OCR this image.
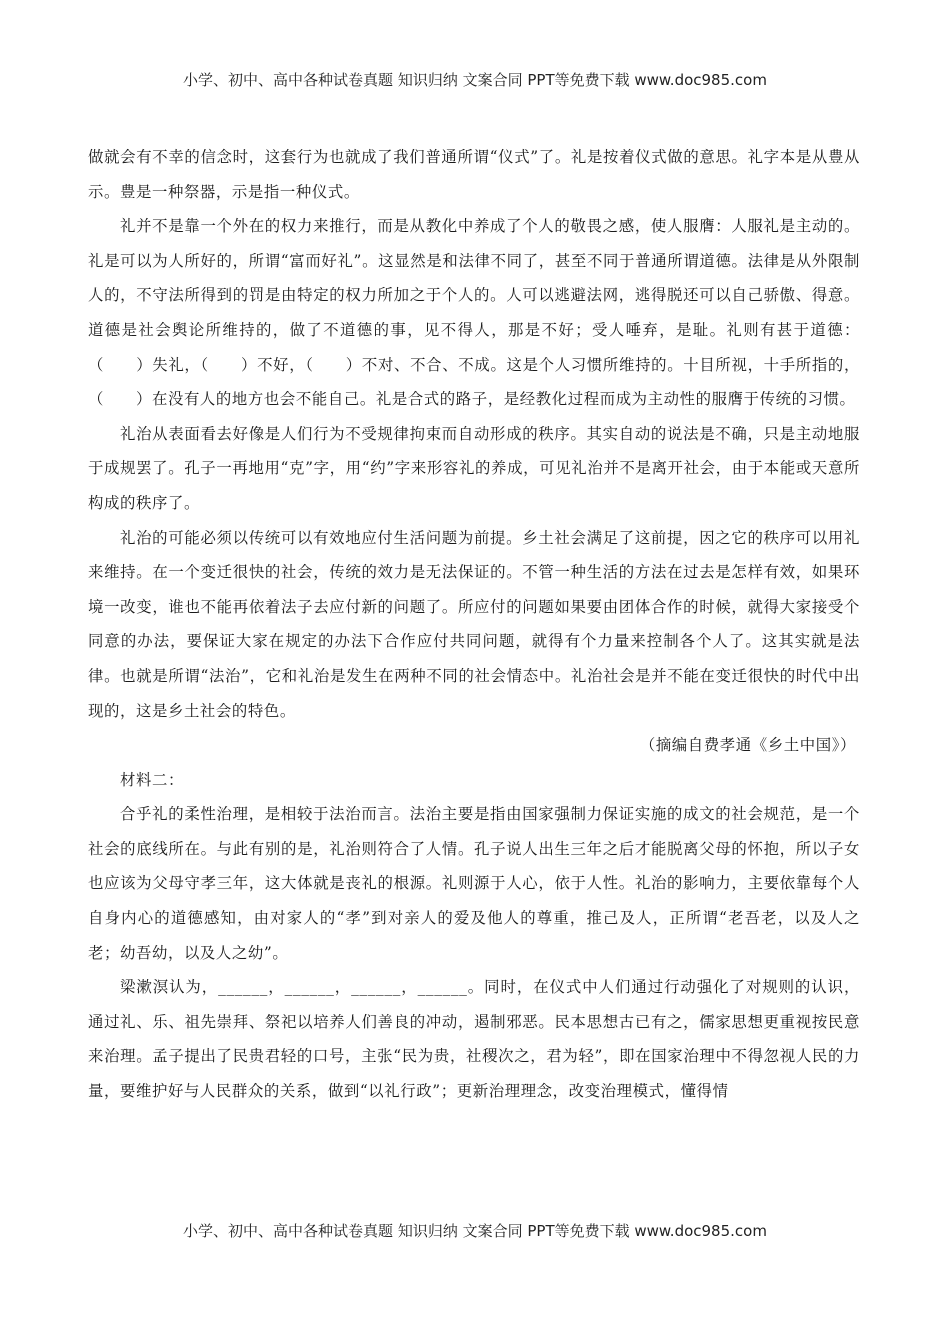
小学、初中、高中各种试卷真题 知识归纳 文案合同 PPT等免费下载 www.doc985.com

做就会有不幸的信念时，这套行为也就成了我们普通所谓“仪式”了。礼是按着仪式做的意思。礼字本是从豊从示。豊是一种祭器，示是指一种仪式。

礼并不是靠一个外在的权力来推行，而是从教化中养成了个人的敬畏之感，使人服膺：人服礼是主动的。礼是可以为人所好的，所谓“富而好礼”。这显然是和法律不同了，甚至不同于普通所谓道德。法律是从外限制人的，不守法所得到的罚是由特定的权力所加之于个人的。人可以逃避法网，逃得脱还可以自己骄傲、得意。道德是社会舆论所维持的，做了不道德的事，见不得人，那是不好；受人唾弃，是耻。礼则有甚于道德：（　　）失礼，（　　）不好，（　　）不对、不合、不成。这是个人习惯所维持的。十目所视，十手所指的，（　　）在没有人的地方也会不能自己。礼是合式的路子，是经教化过程而成为主动性的服膺于传统的习惯。

礼治从表面看去好像是人们行为不受规律拘束而自动形成的秩序。其实自动的说法是不确，只是主动地服于成规罢了。孔子一再地用“克”字，用“约”字来形容礼的养成，可见礼治并不是离开社会，由于本能或天意所构成的秩序了。

礼治的可能必须以传统可以有效地应付生活问题为前提。乡土社会满足了这前提，因之它的秩序可以用礼来维持。在一个变迁很快的社会，传统的效力是无法保证的。不管一种生活的方法在过去是怎样有效，如果环境一改变，谁也不能再依着法子去应付新的问题了。所应付的问题如果要由团体合作的时候，就得大家接受个同意的办法，要保证大家在规定的办法下合作应付共同问题，就得有个力量来控制各个人了。这其实就是法律。也就是所谓“法治”，它和礼治是发生在两种不同的社会情态中。礼治社会是并不能在变迁很快的时代中出现的，这是乡土社会的特色。

（摘编自费孝通《乡土中国》）

材料二：

合乎礼的柔性治理，是相较于法治而言。法治主要是指由国家强制力保证实施的成文的社会规范，是一个社会的底线所在。与此有别的是，礼治则符合了人情。孔子说人出生三年之后才能脱离父母的怀抱，所以子女也应该为父母守孝三年，这大体就是丧礼的根源。礼则源于人心，依于人性。礼治的影响力，主要依靠每个人自身内心的道德感知，由对家人的“孝”到对亲人的爱及他人的尊重，推己及人，正所谓“老吾老，以及人之老；幼吾幼，以及人之幼”。

梁漱溟认为，______，______，______，______。同时，在仪式中人们通过行动强化了对规则的认识，通过礼、乐、祖先崇拜、祭祀以培养人们善良的冲动，遏制邪恶。民本思想古已有之，儒家思想更重视按民意来治理。孟子提出了民贵君轻的口号，主张“民为贵，社稷次之，君为轻”，即在国家治理中不得忽视人民的力量，要维护好与人民群众的关系，做到“以礼行政”；更新治理理念，改变治理模式，懂得情

小学、初中、高中各种试卷真题 知识归纳 文案合同 PPT等免费下载 www.doc985.com
